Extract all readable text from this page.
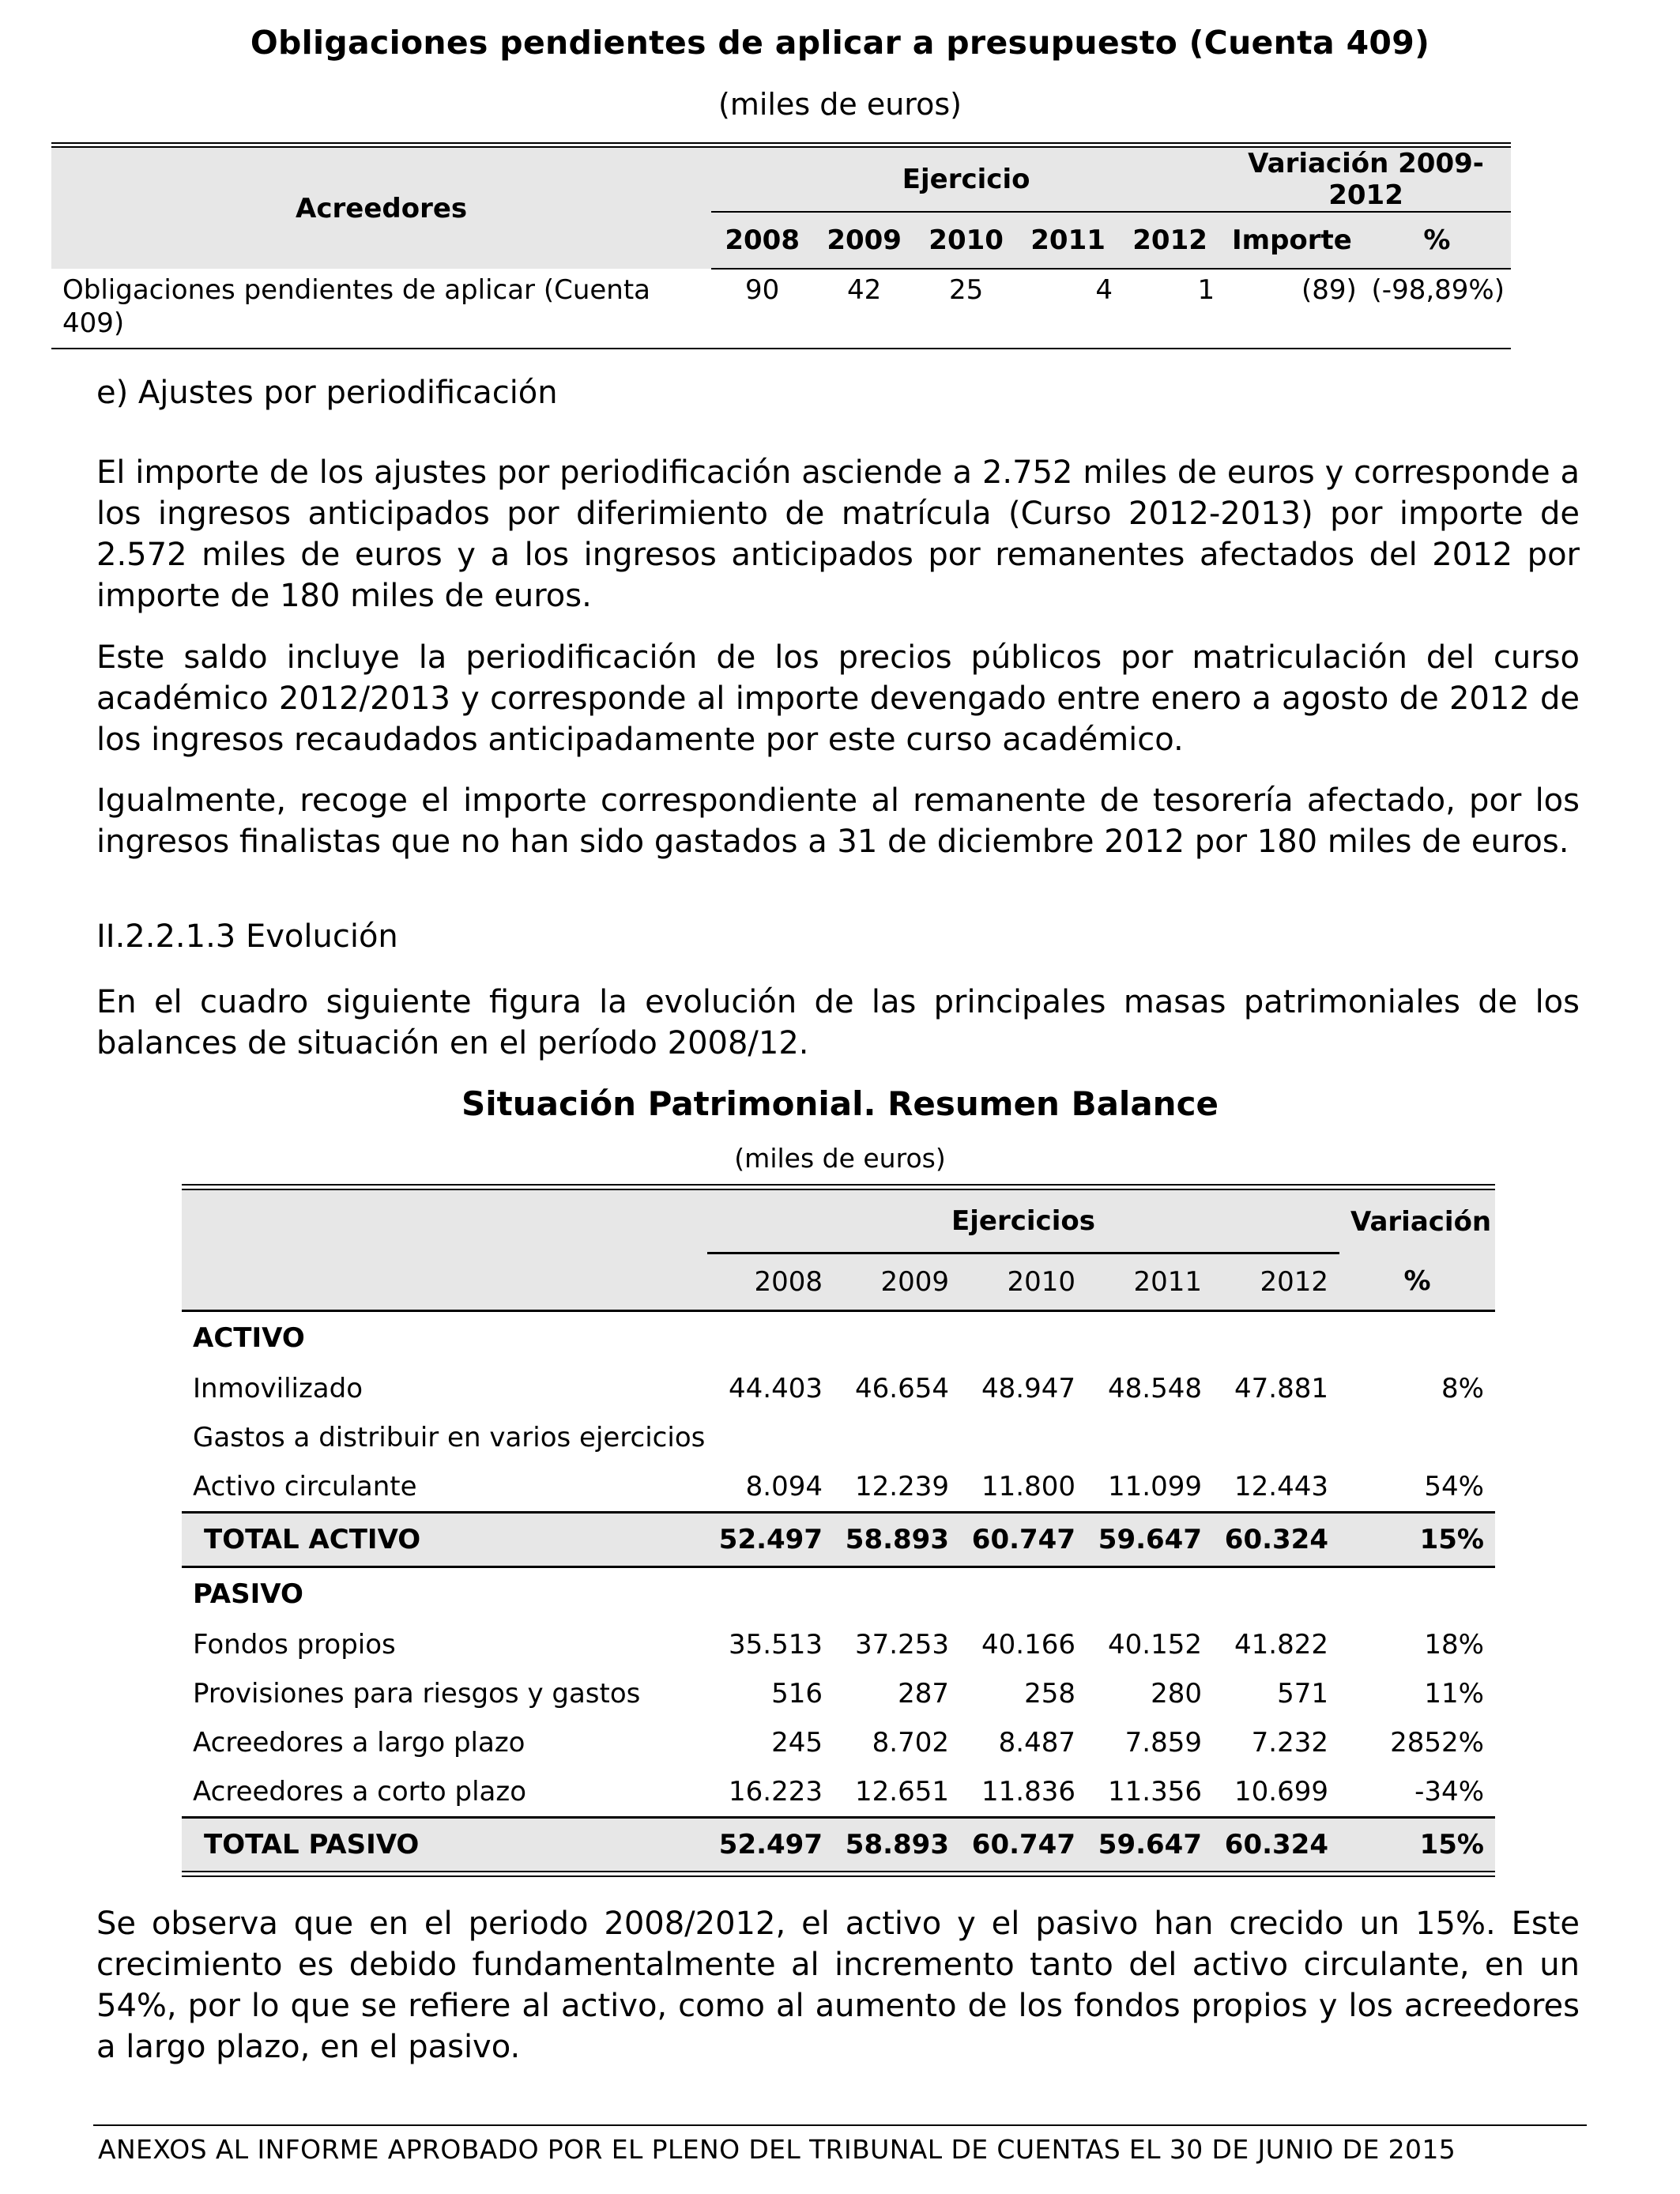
Obligaciones pendientes de aplicar a presupuesto (Cuenta 409)
(miles de euros)
Acreedores	Ejercicio					Variación 2009-2012	
	2008	2009	2010	2011	2012	Importe	%
Obligaciones pendientes de aplicar (Cuenta 409)	90	42	25	4	1	(89)	(-98,89%)
e) Ajustes por periodificación
El importe de los ajustes por periodificación asciende a 2.752 miles de euros y corresponde a los ingresos anticipados por diferimiento de matrícula (Curso 2012-2013) por importe de 2.572 miles de euros y a los ingresos anticipados por remanentes afectados del 2012 por importe de 180 miles de euros.
Este saldo incluye la periodificación de los precios públicos por matriculación del curso académico 2012/2013 y corresponde al importe devengado entre enero a agosto de 2012 de los ingresos recaudados anticipadamente por este curso académico.
Igualmente, recoge el importe correspondiente al remanente de tesorería afectado, por los ingresos finalistas que no han sido gastados a 31 de diciembre 2012 por 180 miles de euros.
II.2.2.1.3 Evolución
En el cuadro siguiente figura la evolución de las principales masas patrimoniales de los balances de situación en el período 2008/12.
Situación Patrimonial. Resumen Balance
(miles de euros)
	Ejercicios					Variación
	2008	2009	2010	2011	2012	%
ACTIVO						
Inmovilizado	44.403	46.654	48.947	48.548	47.881	8%
Gastos a distribuir en varios ejercicios						
Activo circulante	8.094	12.239	11.800	11.099	12.443	54%
TOTAL ACTIVO	52.497	58.893	60.747	59.647	60.324	15%
PASIVO						
Fondos propios	35.513	37.253	40.166	40.152	41.822	18%
Provisiones para riesgos y gastos	516	287	258	280	571	11%
Acreedores a largo plazo	245	8.702	8.487	7.859	7.232	2852%
Acreedores a corto plazo	16.223	12.651	11.836	11.356	10.699	-34%
TOTAL PASIVO	52.497	58.893	60.747	59.647	60.324	15%
Se observa que en el periodo 2008/2012, el activo y el pasivo han crecido un 15%. Este crecimiento es debido fundamentalmente al incremento tanto del activo circulante, en un 54%, por lo que se refiere al activo, como al aumento de los fondos propios y los acreedores a largo plazo, en el pasivo.
ANEXOS AL INFORME APROBADO POR EL PLENO DEL TRIBUNAL DE CUENTAS EL 30 DE JUNIO DE 2015
